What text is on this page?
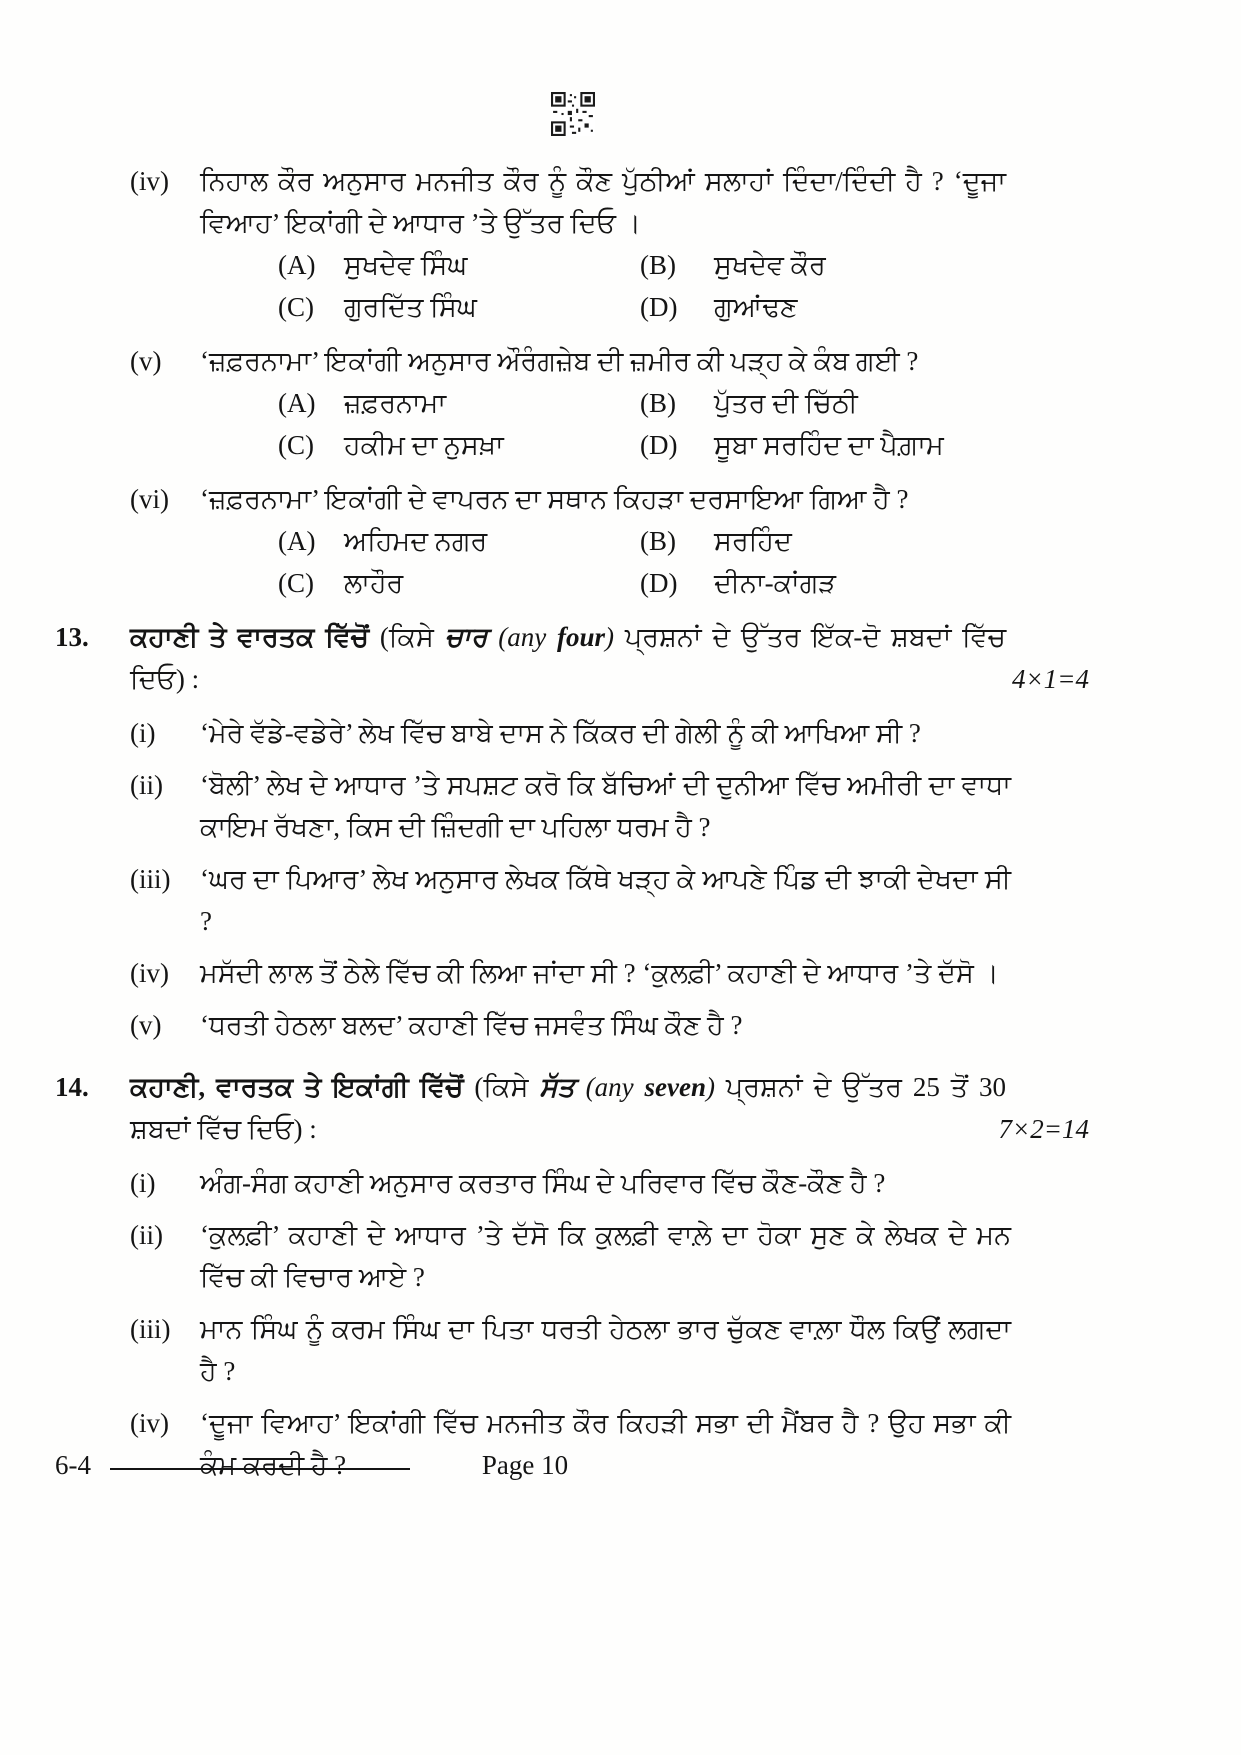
(iv)	ਨਿਹਾਲ ਕੌਰ ਅਨੁਸਾਰ ਮਨਜੀਤ ਕੌਰ ਨੂੰ ਕੌਣ ਪੁੱਠੀਆਂ ਸਲਾਹਾਂ ਦਿੰਦਾ/ਦਿੰਦੀ ਹੈ ? ‘ਦੂਜਾ ਵਿਆਹ’ ਇਕਾਂਗੀ ਦੇ ਆਧਾਰ ’ਤੇ ਉੱਤਰ ਦਿਓ ।

(A)	ਸੁਖਦੇਵ ਸਿੰਘ	(B)	ਸੁਖਦੇਵ ਕੌਰ
(C)	ਗੁਰਦਿੱਤ ਸਿੰਘ	(D)	ਗੁਆਂਢਣ
(v)	‘ਜ਼ਫ਼ਰਨਾਮਾ’ ਇਕਾਂਗੀ ਅਨੁਸਾਰ ਔਰੰਗਜ਼ੇਬ ਦੀ ਜ਼ਮੀਰ ਕੀ ਪੜ੍ਹ ਕੇ ਕੰਬ ਗਈ ?

(A)	ਜ਼ਫ਼ਰਨਾਮਾ	(B)	ਪੁੱਤਰ ਦੀ ਚਿੱਠੀ
(C)	ਹਕੀਮ ਦਾ ਨੁਸਖ਼ਾ	(D)	ਸੂਬਾ ਸਰਹਿੰਦ ਦਾ ਪੈਗ਼ਾਮ
(vi)	‘ਜ਼ਫ਼ਰਨਾਮਾ’ ਇਕਾਂਗੀ ਦੇ ਵਾਪਰਨ ਦਾ ਸਥਾਨ ਕਿਹੜਾ ਦਰਸਾਇਆ ਗਿਆ ਹੈ ?

(A)	ਅਹਿਮਦ ਨਗਰ	(B)	ਸਰਹਿੰਦ
(C)	ਲਾਹੌਰ	(D)	ਦੀਨਾ-ਕਾਂਗੜ
13.	ਕਹਾਣੀ ਤੇ ਵਾਰਤਕ ਵਿੱਚੋਂ (ਕਿਸੇ ਚਾਰ (any four) ਪ੍ਰਸ਼ਨਾਂ ਦੇ ਉੱਤਰ ਇੱਕ-ਦੋ ਸ਼ਬਦਾਂ ਵਿੱਚ ਦਿਓ) :	4×1=4

(i)	‘ਮੇਰੇ ਵੱਡੇ-ਵਡੇਰੇ’ ਲੇਖ ਵਿੱਚ ਬਾਬੇ ਦਾਸ ਨੇ ਕਿੱਕਰ ਦੀ ਗੇਲੀ ਨੂੰ ਕੀ ਆਖਿਆ ਸੀ ?

(ii)	‘ਬੋਲੀ’ ਲੇਖ ਦੇ ਆਧਾਰ ’ਤੇ ਸਪਸ਼ਟ ਕਰੋ ਕਿ ਬੱਚਿਆਂ ਦੀ ਦੁਨੀਆ ਵਿੱਚ ਅਮੀਰੀ ਦਾ ਵਾਧਾ ਕਾਇਮ ਰੱਖਣਾ, ਕਿਸ ਦੀ ਜ਼ਿੰਦਗੀ ਦਾ ਪਹਿਲਾ ਧਰਮ ਹੈ ?

(iii)	‘ਘਰ ਦਾ ਪਿਆਰ’ ਲੇਖ ਅਨੁਸਾਰ ਲੇਖਕ ਕਿੱਥੇ ਖੜ੍ਹ ਕੇ ਆਪਣੇ ਪਿੰਡ ਦੀ ਝਾਕੀ ਦੇਖਦਾ ਸੀ ?

(iv)	ਮਸੱਦੀ ਲਾਲ ਤੋਂ ਠੇਲੇ ਵਿੱਚ ਕੀ ਲਿਆ ਜਾਂਦਾ ਸੀ ? ‘ਕੁਲਫ਼ੀ’ ਕਹਾਣੀ ਦੇ ਆਧਾਰ ’ਤੇ ਦੱਸੋ ।

(v)	‘ਧਰਤੀ ਹੇਠਲਾ ਬਲਦ’ ਕਹਾਣੀ ਵਿੱਚ ਜਸਵੰਤ ਸਿੰਘ ਕੌਣ ਹੈ ?

14.	ਕਹਾਣੀ, ਵਾਰਤਕ ਤੇ ਇਕਾਂਗੀ ਵਿੱਚੋਂ (ਕਿਸੇ ਸੱਤ (any seven) ਪ੍ਰਸ਼ਨਾਂ ਦੇ ਉੱਤਰ 25 ਤੋਂ 30 ਸ਼ਬਦਾਂ ਵਿੱਚ ਦਿਓ) :	7×2=14

(i)	ਅੰਗ-ਸੰਗ ਕਹਾਣੀ ਅਨੁਸਾਰ ਕਰਤਾਰ ਸਿੰਘ ਦੇ ਪਰਿਵਾਰ ਵਿੱਚ ਕੌਣ-ਕੌਣ ਹੈ ?

(ii)	‘ਕੁਲਫ਼ੀ’ ਕਹਾਣੀ ਦੇ ਆਧਾਰ ’ਤੇ ਦੱਸੋ ਕਿ ਕੁਲਫ਼ੀ ਵਾਲ਼ੇ ਦਾ ਹੋਕਾ ਸੁਣ ਕੇ ਲੇਖਕ ਦੇ ਮਨ ਵਿੱਚ ਕੀ ਵਿਚਾਰ ਆਏ ?

(iii)	ਮਾਨ ਸਿੰਘ ਨੂੰ ਕਰਮ ਸਿੰਘ ਦਾ ਪਿਤਾ ਧਰਤੀ ਹੇਠਲਾ ਭਾਰ ਚੁੱਕਣ ਵਾਲ਼ਾ ਧੌਲ ਕਿਉਂ ਲਗਦਾ ਹੈ ?

(iv)	‘ਦੂਜਾ ਵਿਆਹ’ ਇਕਾਂਗੀ ਵਿੱਚ ਮਨਜੀਤ ਕੌਰ ਕਿਹੜੀ ਸਭਾ ਦੀ ਮੈਂਬਰ ਹੈ ? ਉਹ ਸਭਾ ਕੀ ਕੰਮ ਕਰਦੀ ਹੈ ?

6-4	Page 10
